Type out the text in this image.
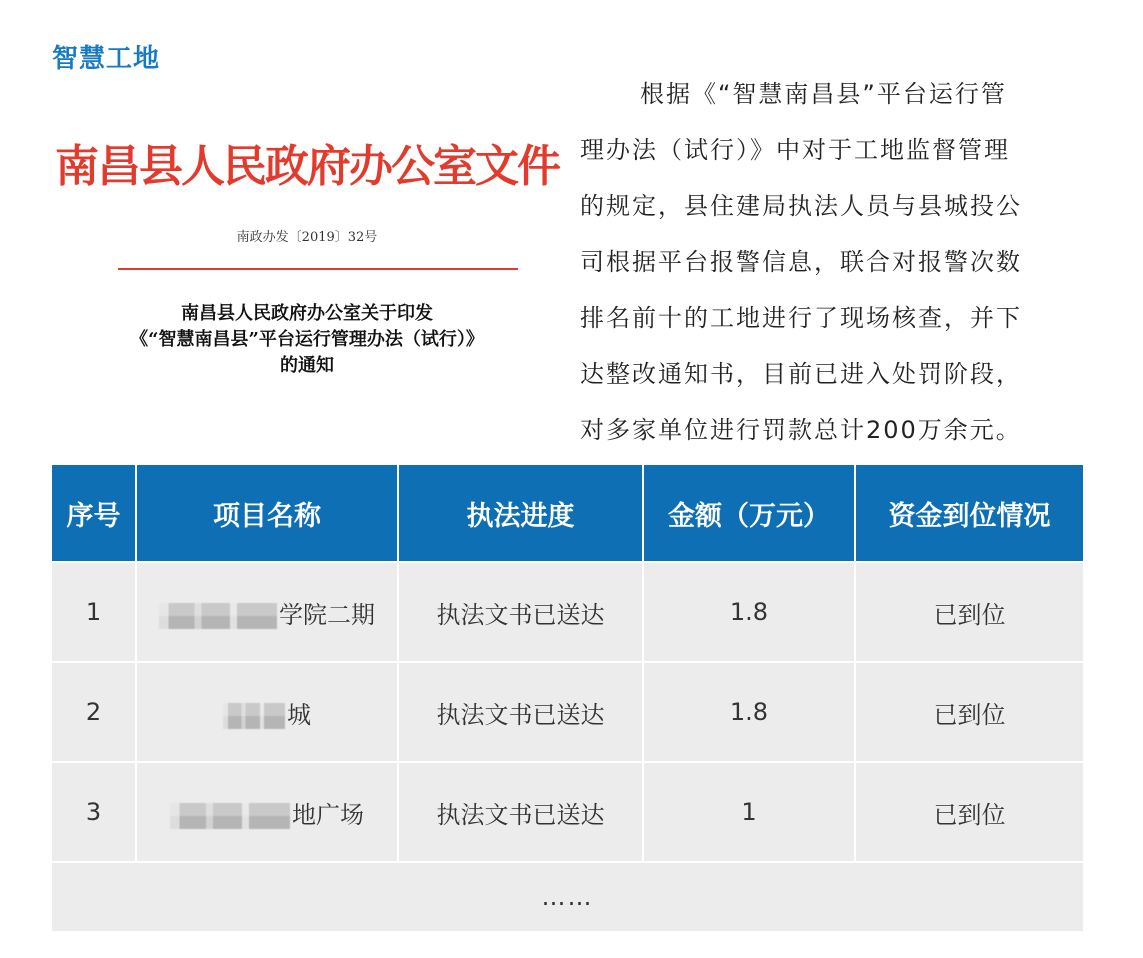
智慧工地
南昌县人民政府办公室文件
南政办发〔2019〕32号
南昌县人民政府办公室关于印发
《“智慧南昌县”平台运行管理办法（试行）》
的通知
根据《“智慧南昌县”平台运行管
理办法（试行）》中对于工地监督管理
的规定，县住建局执法人员与县城投公
司根据平台报警信息，联合对报警次数
排名前十的工地进行了现场核查，并下
达整改通知书，目前已进入处罚阶段，
对多家单位进行罚款总计200万余元。
序号	项目名称	执法进度	金额（万元）	资金到位情况
1	学院二期	执法文书已送达	1.8	已到位
2	城	执法文书已送达	1.8	已到位
3	地广场	执法文书已送达	1	已到位
……				
